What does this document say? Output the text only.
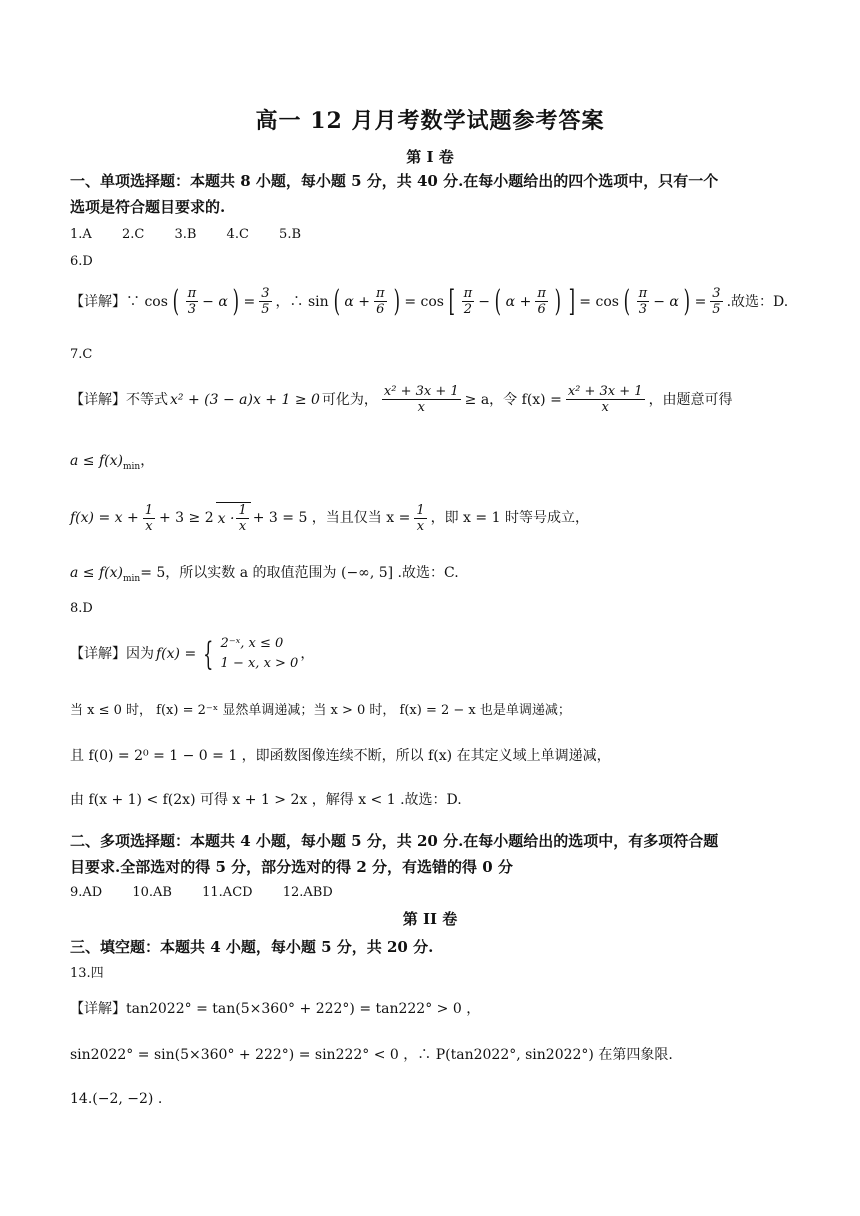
高一 12 月月考数学试题参考答案
第 I 卷
一、单项选择题：本题共 8 小题，每小题 5 分，共 40 分.在每小题给出的四个选项中，只有一个
选项是符合题目要求的.
1.A 2.C 3.B 4.C 5.B
6.D
【详解】∵ cos ( π
3 − α ) = $\frac{3}{5}$ ，∴ sin ( $\alpha + \frac{\pi}{6}$ ) = cos [ π
2 − ( $\alpha + \frac{\pi}{6}$ ) ] = cos ( π
3 − α ) = $\frac{3}{5}$ .故选：D.
7.C
【详解】不等式 x² + (3 − a)x + 1 ≥ 0 可化为， $\frac{\text{x² + 3x + 1}}{x} \ge a$，令 $f(x) = \frac{\text{x² + 3x + 1}}{x}$ ，由题意可得
$a \le f(x)_{min}$，
$f(x) = x + \frac{1}{x} + 3 \ge 2$ x · 1
x
+ 3 = 5 ，当且仅当 $x = \frac{1}{x}$ ，即 x = 1 时等号成立，
$a \le f(x)_{min}= 5$，所以实数 a 的取值范围为 (−∞, 5] .故选：C.
8.D
【详解】因为 f(x) = { 2⁻ˣ, x ≤ 0
1 − x, x > 0
，
当 x ≤ 0 时， f(x) = 2⁻ˣ 显然单调递减；当 x > 0 时， f(x) = 2 − x 也是单调递减；
且 f(0) = 2⁰ = 1 − 0 = 1 ，即函数图像连续不断，所以 f(x) 在其定义域上单调递减，
由 f(x + 1) < f(2x) 可得 x + 1 > 2x ，解得 x < 1 .故选：D.
二、多项选择题：本题共 4 小题，每小题 5 分，共 20 分.在每小题给出的选项中，有多项符合题
目要求.全部选对的得 5 分，部分选对的得 2 分，有选错的得 0 分
9.AD 10.AB 11.ACD 12.ABD
第 II 卷
三、填空题：本题共 4 小题，每小题 5 分，共 20 分.
13.四
【详解】tan2022° = tan(5×360° + 222°) = tan222° > 0 ，
sin2022° = sin(5×360° + 222°) = sin222° < 0 ，∴ P(tan2022°, sin2022°) 在第四象限.
14.(−2, −2) .
